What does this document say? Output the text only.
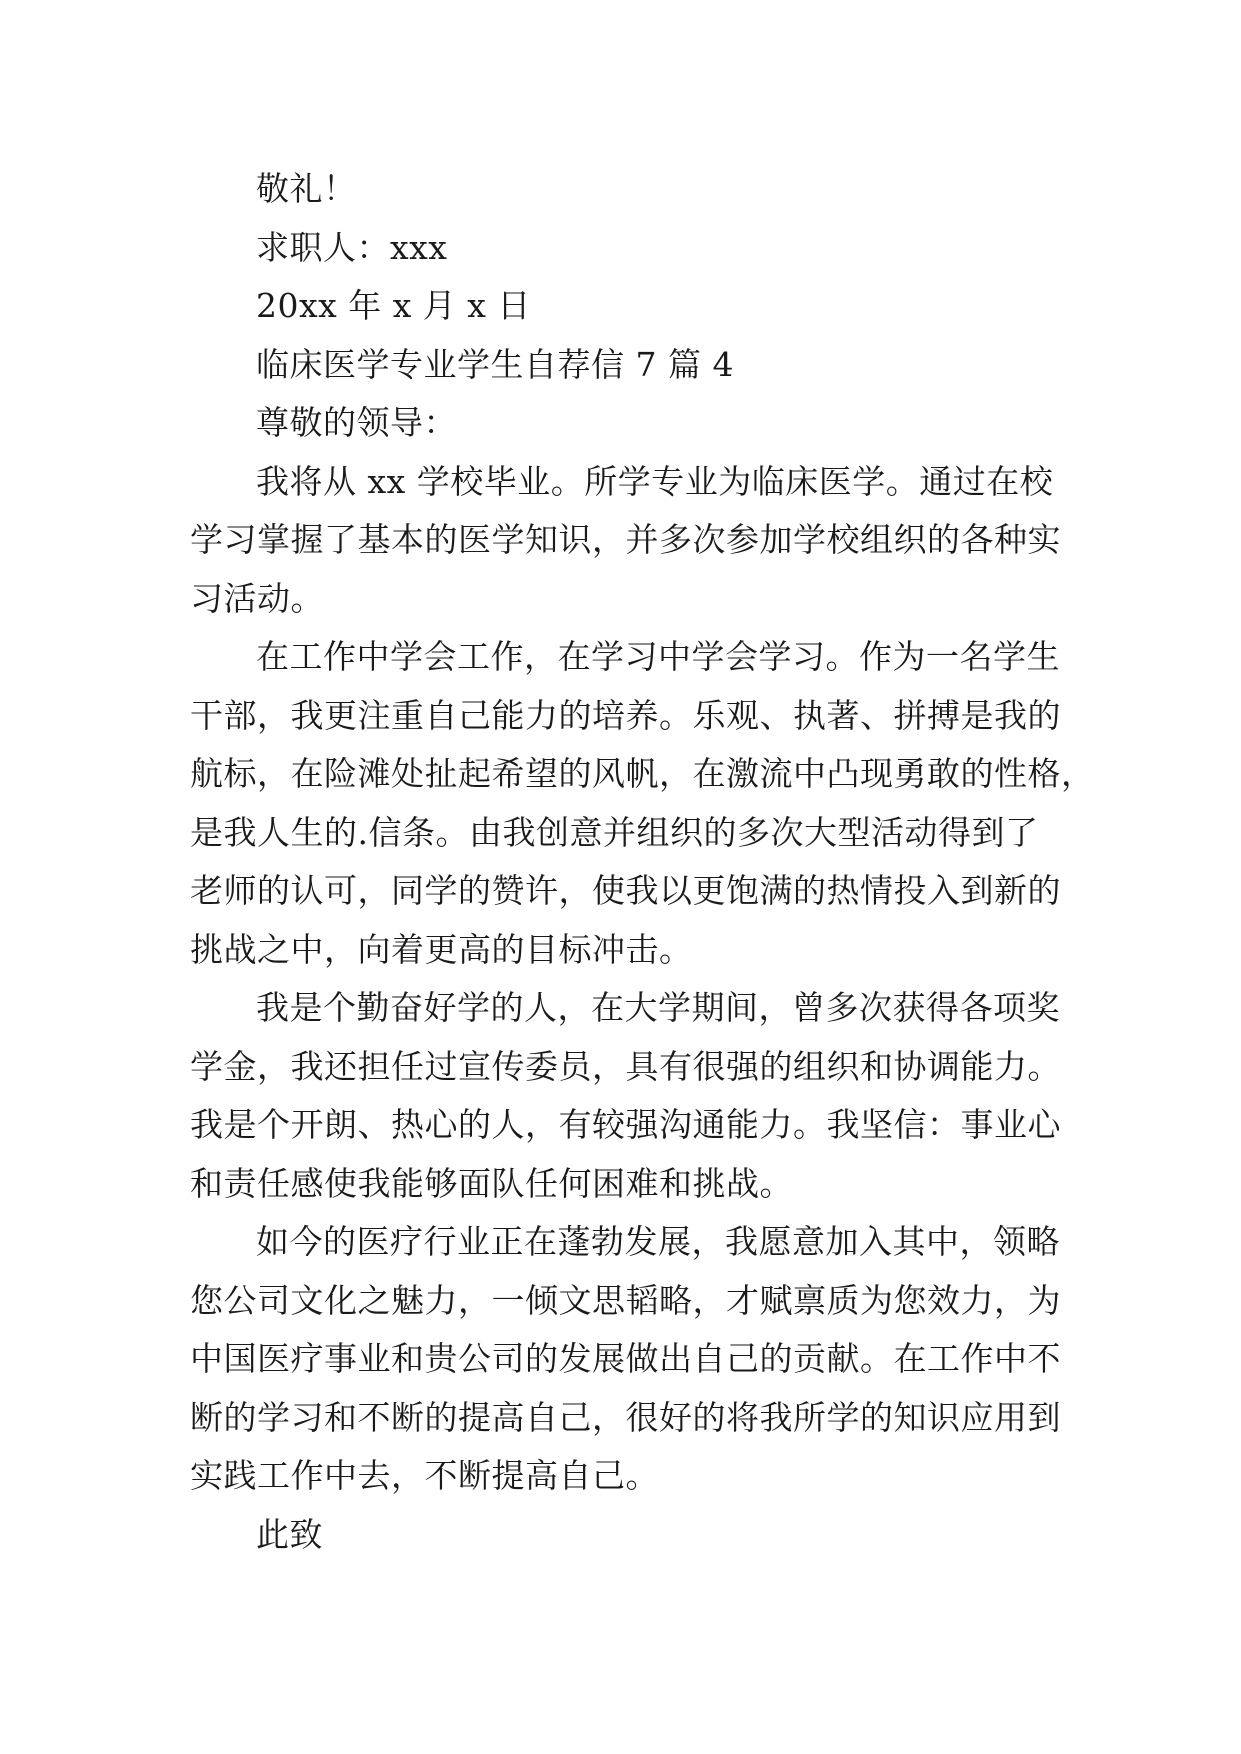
敬礼！
求职人：xxx
20xx 年 x 月 x 日
临床医学专业学生自荐信 7 篇 4
尊敬的领导：
我将从 xx 学校毕业。所学专业为临床医学。通过在校
学习掌握了基本的医学知识，并多次参加学校组织的各种实
习活动。
在工作中学会工作，在学习中学会学习。作为一名学生
干部，我更注重自己能力的培养。乐观、执著、拼搏是我的
航标，在险滩处扯起希望的风帆，在激流中凸现勇敢的性格，
是我人生的.信条。由我创意并组织的多次大型活动得到了
老师的认可，同学的赞许，使我以更饱满的热情投入到新的
挑战之中，向着更高的目标冲击。
我是个勤奋好学的人，在大学期间，曾多次获得各项奖
学金，我还担任过宣传委员，具有很强的组织和协调能力。
我是个开朗、热心的人，有较强沟通能力。我坚信：事业心
和责任感使我能够面队任何困难和挑战。
如今的医疗行业正在蓬勃发展，我愿意加入其中，领略
您公司文化之魅力，一倾文思韬略，才赋禀质为您效力，为
中国医疗事业和贵公司的发展做出自己的贡献。在工作中不
断的学习和不断的提高自己，很好的将我所学的知识应用到
实践工作中去，不断提高自己。
此致
